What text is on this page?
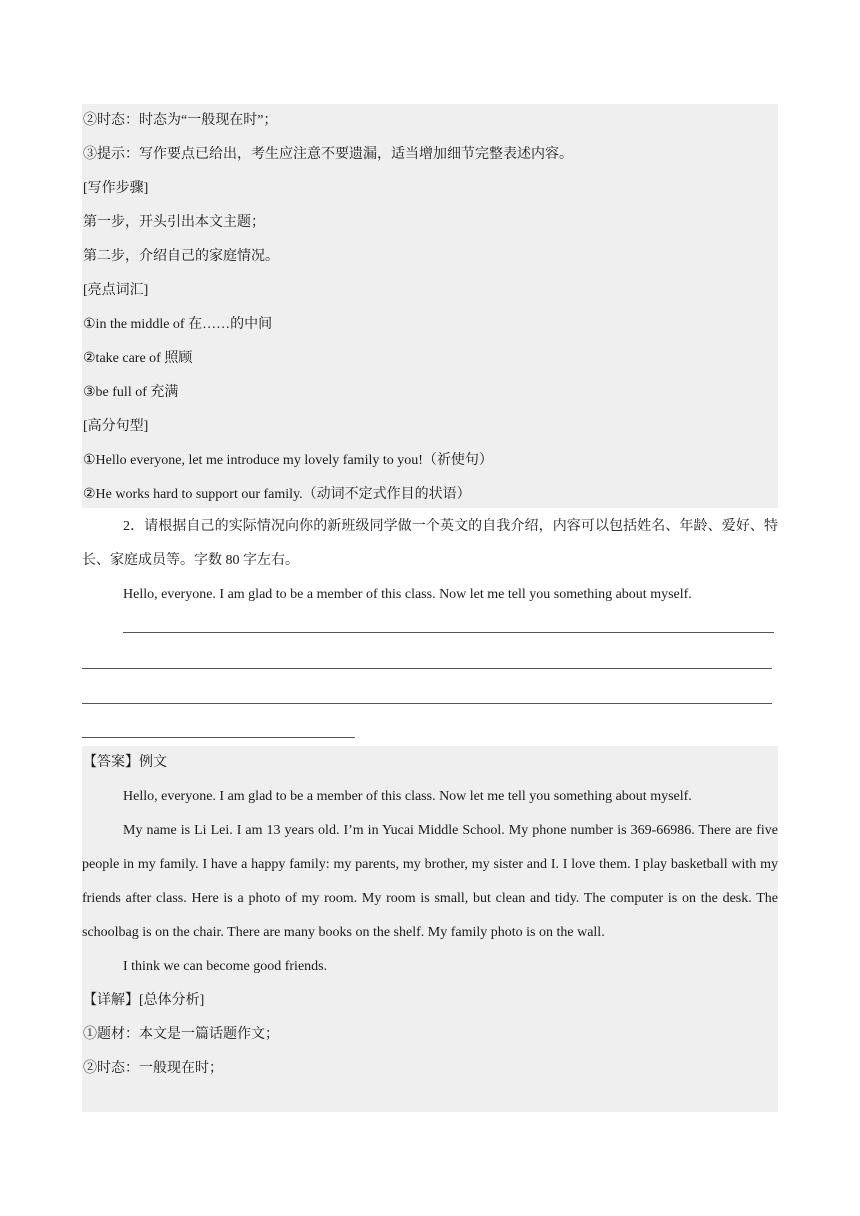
②时态：时态为“一般现在时”；
③提示：写作要点已给出，考生应注意不要遗漏，适当增加细节完整表述内容。
[写作步骤]
第一步，开头引出本文主题；
第二步，介绍自己的家庭情况。
[亮点词汇]
①in the middle of 在……的中间
②take care of 照顾
③be full of 充满
[高分句型]
①Hello everyone, let me introduce my lovely family to you!（祈使句）
②He works hard to support our family.（动词不定式作目的状语）

2．请根据自己的实际情况向你的新班级同学做一个英文的自我介绍，内容可以包括姓名、年龄、爱好、特长、家庭成员等。字数 80 字左右。

Hello, everyone. I am glad to be a member of this class. Now let me tell you something about myself.

【答案】例文
Hello, everyone. I am glad to be a member of this class. Now let me tell you something about myself.

My name is Li Lei. I am 13 years old. I’m in Yucai Middle School. My phone number is 369-66986. There are five people in my family. I have a happy family: my parents, my brother, my sister and I. I love them. I play basketball with my friends after class. Here is a photo of my room. My room is small, but clean and tidy. The computer is on the desk. The schoolbag is on the chair. There are many books on the shelf. My family photo is on the wall.

I think we can become good friends.
【详解】[总体分析]
①题材：本文是一篇话题作文；
②时态：一般现在时；
